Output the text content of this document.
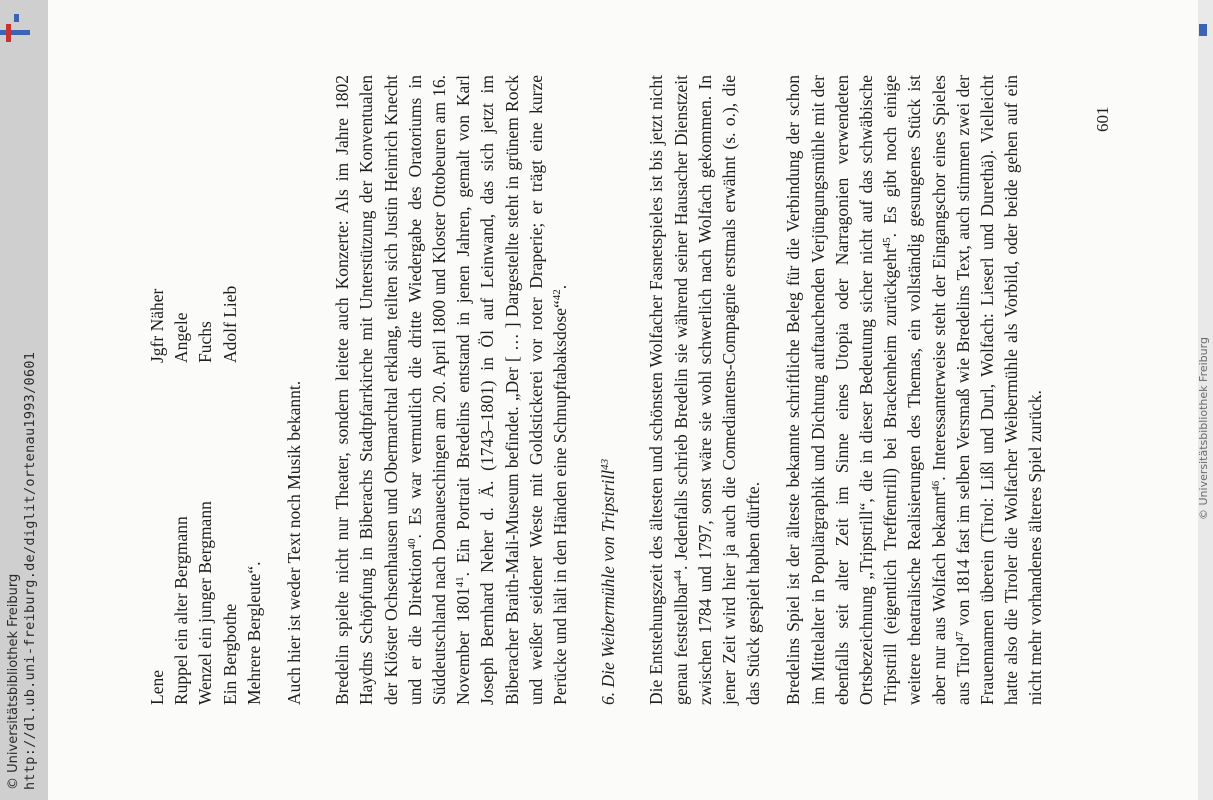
http://dl.ub.uni-freiburg.de/diglit/ortenau1993/0601
© Universitätsbibliothek Freiburg
© Universitätsbibliothek Freiburg
Lene
Jgfr Näher
Ruppel ein alter Bergmann
Angele
Wenzel ein junger Bergmann
Fuchs
Ein Bergbothe
Adolf Lieb
Mehrere Bergleute“. Auch hier ist weder Text noch Musik bekannt. Bredelin spielte nicht nur Theater, sondern leitete auch Konzerte: Als im Jahre 1802 Haydns Schöpfung in Biberachs Stadtpfarrkirche mit Unterstützung der Konventualen der Klöster Ochsenhausen und Obermarchtal erklang, teilten sich Justin Heinrich Knecht und er die Direktion$^{40}$. Es war vermutlich die dritte Wiedergabe des Oratoriums in Süddeutschland nach Donaueschingen am 20. April 1800 und Kloster Ottobeuren am 16. November 1801$^{41}$. Ein Portrait Bredelins entstand in jenen Jahren, gemalt von Karl Joseph Bernhard Neher d. Ä. (1743–1801) in Öl auf Leinwand, das sich jetzt im Biberacher Braith-Mali-Museum befindet. „Der [ … ] Dargestellte steht in grünem Rock und weißer seidener Weste mit Goldstickerei vor roter Draperie; er trägt eine kurze Perücke und hält in den Händen eine Schnupftabaksdose“$^{42}$.

6. Die Weibermühle von Tripstrill$^{43}$	Die Entstehungszeit des ältesten und schönsten Wolfacher Fasnetspieles ist bis jetzt nicht genau feststellbar$^{44}$. Jedenfalls schrieb Bredelin sie während seiner Hausacher Dienstzeit zwischen 1784 und 1797, sonst wäre sie wohl schwerlich nach Wolfach gekommen. In jener Zeit wird hier ja auch die Comediantens-Compagnie erstmals erwähnt (s. o.), die das Stück gespielt haben dürfte. Bredelins Spiel ist der älteste bekannte schriftliche Beleg für die Verbindung der schon im Mittelalter in Populärgraphik und Dichtung auftauchenden Verjüngungsmühle mit der ebenfalls seit alter Zeit im Sinne eines Utopia oder Narragonien verwendeten Ortsbezeichnung „Tripstrill“, die in dieser Bedeutung sicher nicht auf das schwäbische Tripstrill (eigentlich Treffentrill) bei Brackenheim zurückgeht$^{45}$. Es gibt noch einige weitere theatralische Realisierungen des Themas, ein vollständig gesungenes Stück ist aber nur aus Wolfach bekannt$^{46}$. Interessanterweise steht der Eingangschor eines Spieles aus Tirol$^{47}$ von 1814 fast im selben Versmaß wie Bredelins Text, auch stimmen zwei der Frauennamen überein (Tirol: Lißl und Durl, Wolfach: Lieserl und Durethä). Vielleicht hatte also die Tiroler die Wolfacher Weibermühle als Vorbild, oder beide gehen auf ein nicht mehr vorhandenes älteres Spiel zurück.

601
